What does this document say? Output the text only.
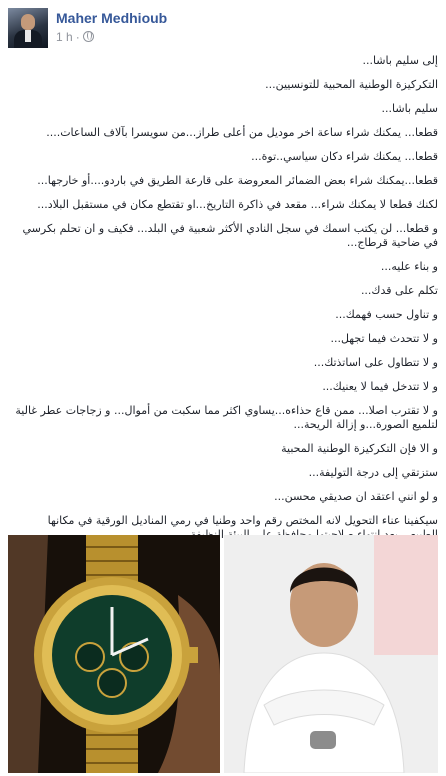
Maher Medhioub
1 h ·

إلى سليم باشا...

التكركيزة الوطنية المحبية للتونسيين...

سليم باشا...

قطعا... يمكنك شراء ساعة اخر موديل من أعلى طراز...من سويسرا بآلاف الساعات....

قطعا... يمكنك شراء دكان سياسي..توة...

قطعا...يمكنك شراء بعض الضمائر المعروضة على قارعة الطريق في باردو....أو خارجها...

لكنك قطعا لا يمكنك شراء... مقعد في ذاكرة التاريخ...او تقتطع مكان في مستقبل البلاد...

و قطعا... لن يكتب اسمك في سجل النادي الأكثر شعبية في البلد... فكيف و ان تحلم بكرسي في ضاحية قرطاج...

و بناء عليه...

تكلم على قدك...

و تناول حسب فهمك...

و لا تتحدث فيما تجهل...

و لا تتطاول على اساتذتك...

و لا تتدخل فيما لا يعنيك...

و لا تقترب اصلا... ممن قاع حذاءه...يساوي اكثر مما سكبت من أموال... و زجاجات عطر غالية لتلميع الصورة...و إزالة الريحة...

و الا فإن التكركيزة الوطنية المحبية

ستزتقي إلى درجة التوليفة...

و لو انني اعتقد ان صديقي محسن...

سيكفينا عناء التحويل لانه المختص رقم واحد وطنيا في رمي المناديل الورقية في مكانها
